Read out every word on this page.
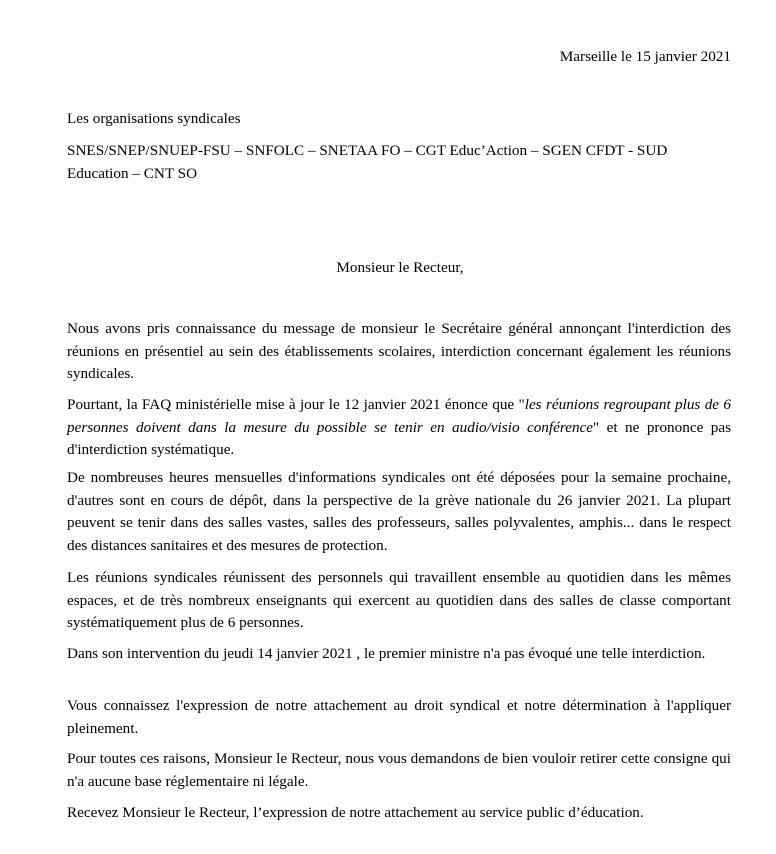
Marseille le 15 janvier 2021
Les organisations syndicales
SNES/SNEP/SNUEP-FSU – SNFOLC – SNETAA FO – CGT Educ’Action – SGEN CFDT - SUD Education – CNT SO
Monsieur le Recteur,
Nous avons pris connaissance du message de monsieur le Secrétaire général annonçant l'interdiction des réunions en présentiel au sein des établissements scolaires, interdiction concernant également les réunions syndicales.
Pourtant, la FAQ ministérielle mise à jour le 12 janvier 2021 énonce que "les réunions regroupant plus de 6 personnes doivent dans la mesure du possible se tenir en audio/visio conférence" et ne prononce pas d'interdiction systématique.
De nombreuses heures mensuelles d'informations syndicales ont été déposées pour la semaine prochaine, d'autres sont en cours de dépôt, dans la perspective de la grève nationale du 26 janvier 2021. La plupart peuvent se tenir dans des salles vastes, salles des professeurs, salles polyvalentes, amphis... dans le respect des distances sanitaires et des mesures de protection.
Les réunions syndicales réunissent des personnels qui travaillent ensemble au quotidien dans les mêmes espaces, et de très nombreux enseignants qui exercent au quotidien dans des salles de classe comportant systématiquement plus de 6 personnes.
Dans son intervention du jeudi 14 janvier 2021 , le premier ministre n'a pas évoqué une telle interdiction.
Vous connaissez l'expression de notre attachement au droit syndical et notre détermination à l'appliquer pleinement.
Pour toutes ces raisons, Monsieur le Recteur, nous vous demandons de bien vouloir retirer cette consigne qui n'a aucune base réglementaire ni légale.
Recevez Monsieur le Recteur, l’expression de notre attachement au service public d’éducation.
